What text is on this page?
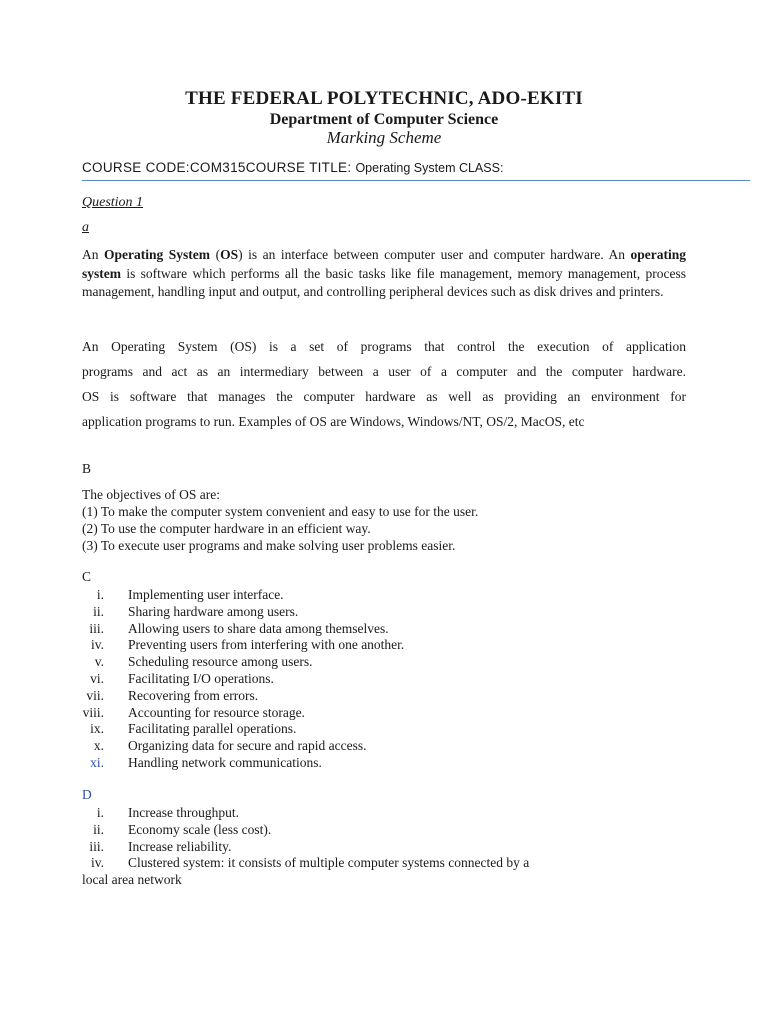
THE FEDERAL POLYTECHNIC, ADO-EKITI
Department of Computer Science
Marking Scheme
COURSE CODE:COM315COURSE TITLE: Operating System CLASS:
Question 1
a
An Operating System (OS) is an interface between computer user and computer hardware. An operating system is software which performs all the basic tasks like file management, memory management, process management, handling input and output, and controlling peripheral devices such as disk drives and printers.
An Operating System (OS) is a set of programs that control the execution of application
programs and act as an intermediary between a user of a computer and the computer hardware.
OS is software that manages the computer hardware as well as providing an environment for
application programs to run. Examples of OS are Windows, Windows/NT, OS/2, MacOS, etc
B
The objectives of OS are:
(1) To make the computer system convenient and easy to use for the user.
(2) To use the computer hardware in an efficient way.
(3) To execute user programs and make solving user problems easier.
C
i. Implementing user interface.
ii. Sharing hardware among users.
iii. Allowing users to share data among themselves.
iv. Preventing users from interfering with one another.
v. Scheduling resource among users.
vi. Facilitating I/O operations.
vii. Recovering from errors.
viii. Accounting for resource storage.
ix. Facilitating parallel operations.
x. Organizing data for secure and rapid access.
xi. Handling network communications.
D
i. Increase throughput.
ii. Economy scale (less cost).
iii. Increase reliability.
iv. Clustered system: it consists of multiple computer systems connected by a
local area network
